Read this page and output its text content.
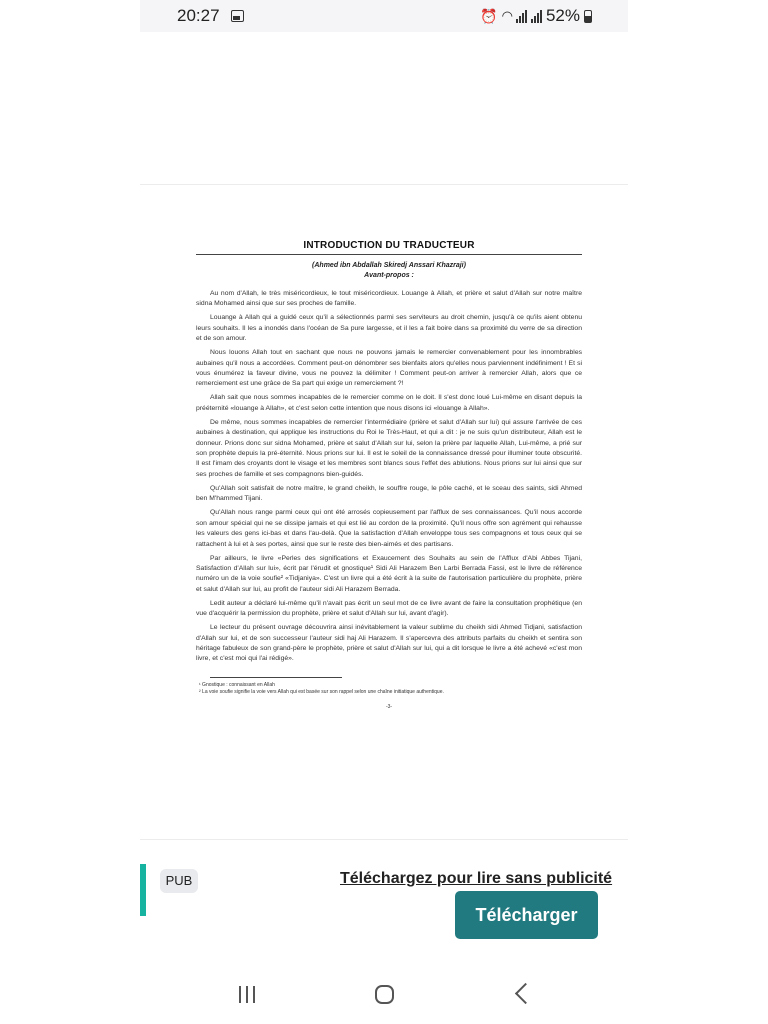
20:27	⏰ ◠ 52%
INTRODUCTION DU TRADUCTEUR
(Ahmed ibn Abdallah Skiredj Anssari Khazraji)
Avant-propos :

Au nom d'Allah, le très miséricordieux, le tout miséricordieux. Louange à Allah, et prière et salut d'Allah sur notre maître sidna Mohamed ainsi que sur ses proches de famille.

Louange à Allah qui a guidé ceux qu'il a sélectionnés parmi ses serviteurs au droit chemin, jusqu'à ce qu'ils aient obtenu leurs souhaits. Il les a inondés dans l'océan de Sa pure largesse, et il les a fait boire dans sa proximité du verre de sa direction et de son amour.

Nous louons Allah tout en sachant que nous ne pouvons jamais le remercier convenablement pour les innombrables aubaines qu'il nous a accordées. Comment peut-on dénombrer ses bienfaits alors qu'elles nous parviennent indéfiniment ! Et si vous énumérez la faveur divine, vous ne pouvez la délimiter ! Comment peut-on arriver à remercier Allah, alors que ce remerciement est une grâce de Sa part qui exige un remerciement ?!

Allah sait que nous sommes incapables de le remercier comme on le doit. Il s'est donc loué Lui-même en disant depuis la prééternité «louange à Allah», et c'est selon cette intention que nous disons ici «louange à Allah».

De même, nous sommes incapables de remercier l'intermédiaire (prière et salut d'Allah sur lui) qui assure l'arrivée de ces aubaines à destination, qui applique les instructions du Roi le Très-Haut, et qui a dit : je ne suis qu'un distributeur, Allah est le donneur. Prions donc sur sidna Mohamed, prière et salut d'Allah sur lui, selon la prière par laquelle Allah, Lui-même, a prié sur son prophète depuis la pré-éternité. Nous prions sur lui. Il est le soleil de la connaissance dressé pour illuminer toute obscurité. Il est l'imam des croyants dont le visage et les membres sont blancs sous l'effet des ablutions. Nous prions sur lui ainsi que sur ses proches de famille et ses compagnons bien-guidés.

Qu'Allah soit satisfait de notre maître, le grand cheikh, le souffre rouge, le pôle caché, et le sceau des saints, sidi Ahmed ben M'hammed Tijani.

Qu'Allah nous range parmi ceux qui ont été arrosés copieusement par l'afflux de ses connaissances. Qu'il nous accorde son amour spécial qui ne se dissipe jamais et qui est lié au cordon de la proximité. Qu'il nous offre son agrément qui rehausse les valeurs des gens ici-bas et dans l'au-delà. Que la satisfaction d'Allah enveloppe tous ses compagnons et tous ceux qui se rattachent à lui et à ses portes, ainsi que sur le reste des bien-aimés et des partisans.

Par ailleurs, le livre «Perles des significations et Exaucement des Souhaits au sein de l'Afflux d'Abi Abbes Tijani, Satisfaction d'Allah sur lui», écrit par l'érudit et gnostique¹ Sidi Ali Harazem Ben Larbi Berrada Fassi, est le livre de référence numéro un de la voie soufie² «Tidjaniya». C'est un livre qui a été écrit à la suite de l'autorisation particulière du prophète, prière et salut d'Allah sur lui, au profit de l'auteur sidi Ali Harazem Berrada.

Ledit auteur a déclaré lui-même qu'il n'avait pas écrit un seul mot de ce livre avant de faire la consultation prophétique (en vue d'acquérir la permission du prophète, prière et salut d'Allah sur lui, avant d'agir).

Le lecteur du présent ouvrage découvrira ainsi inévitablement la valeur sublime du cheikh sidi Ahmed Tidjani, satisfaction d'Allah sur lui, et de son successeur l'auteur sidi haj Ali Harazem. Il s'apercevra des attributs parfaits du cheikh et sentira son héritage fabuleux de son grand-père le prophète, prière et salut d'Allah sur lui, qui a dit lorsque le livre a été achevé «c'est mon livre, et c'est moi qui l'ai rédigé».

¹ Gnostique : connaissant en Allah
² La voie soufie signifie la voie vers Allah qui est basée sur son rappel selon une chaîne initiatique authentique.
-3-
PUB	Téléchargez pour lire sans publicité
Télécharger
